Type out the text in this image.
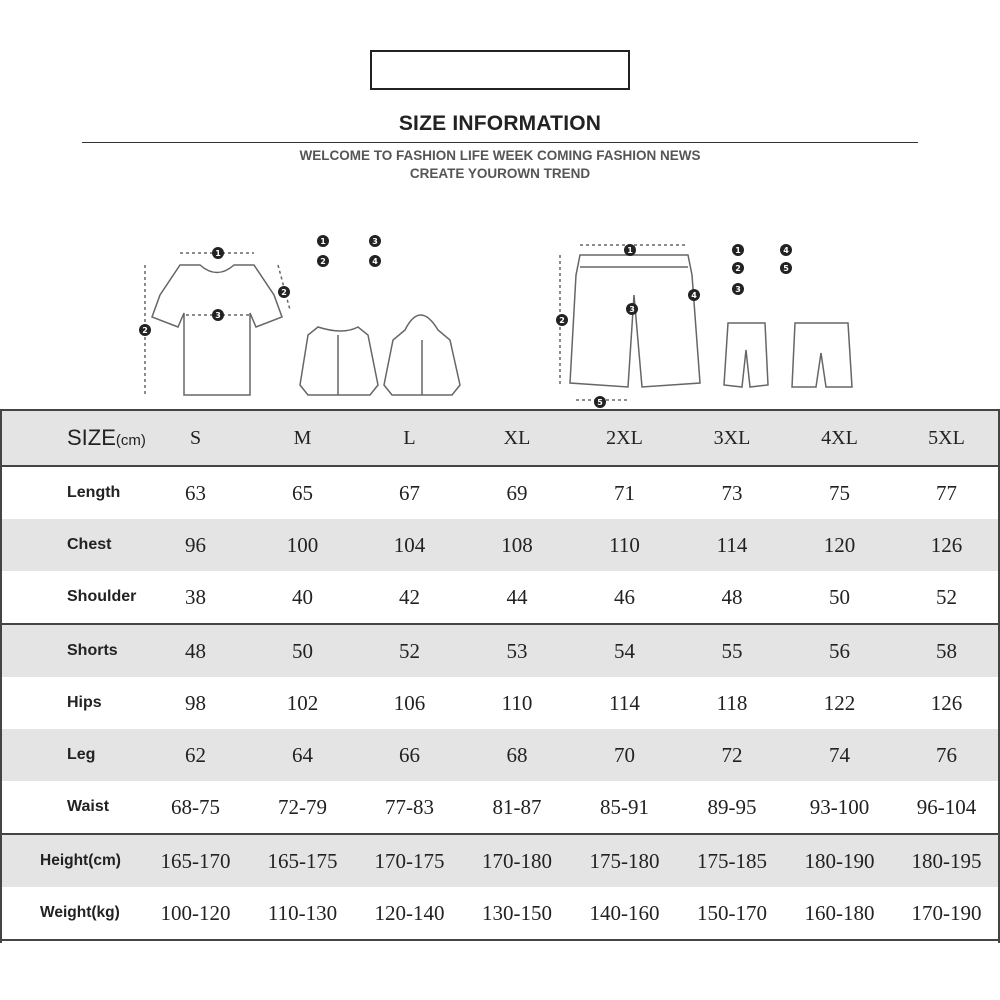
SIZE INFORMATION
WELCOME TO FASHION LIFE WEEK COMING FASHION NEWS
CREATE YOUROWN TREND
1
2
3
2
1
2
3
4
1
2
3
4
5
1
2
3
4
5
SIZE(cm)	S	M	L	XL	2XL	3XL	4XL	5XL
Length	63	65	67	69	71	73	75	77
Chest	96	100	104	108	110	114	120	126
Shoulder	38	40	42	44	46	48	50	52
Shorts	48	50	52	53	54	55	56	58
Hips	98	102	106	110	114	118	122	126
Leg	62	64	66	68	70	72	74	76
Waist	68-75	72-79	77-83	81-87	85-91	89-95	93-100	96-104
Height(cm)	165-170	165-175	170-175	170-180	175-180	175-185	180-190	180-195
Weight(kg)	100-120	110-130	120-140	130-150	140-160	150-170	160-180	170-190
